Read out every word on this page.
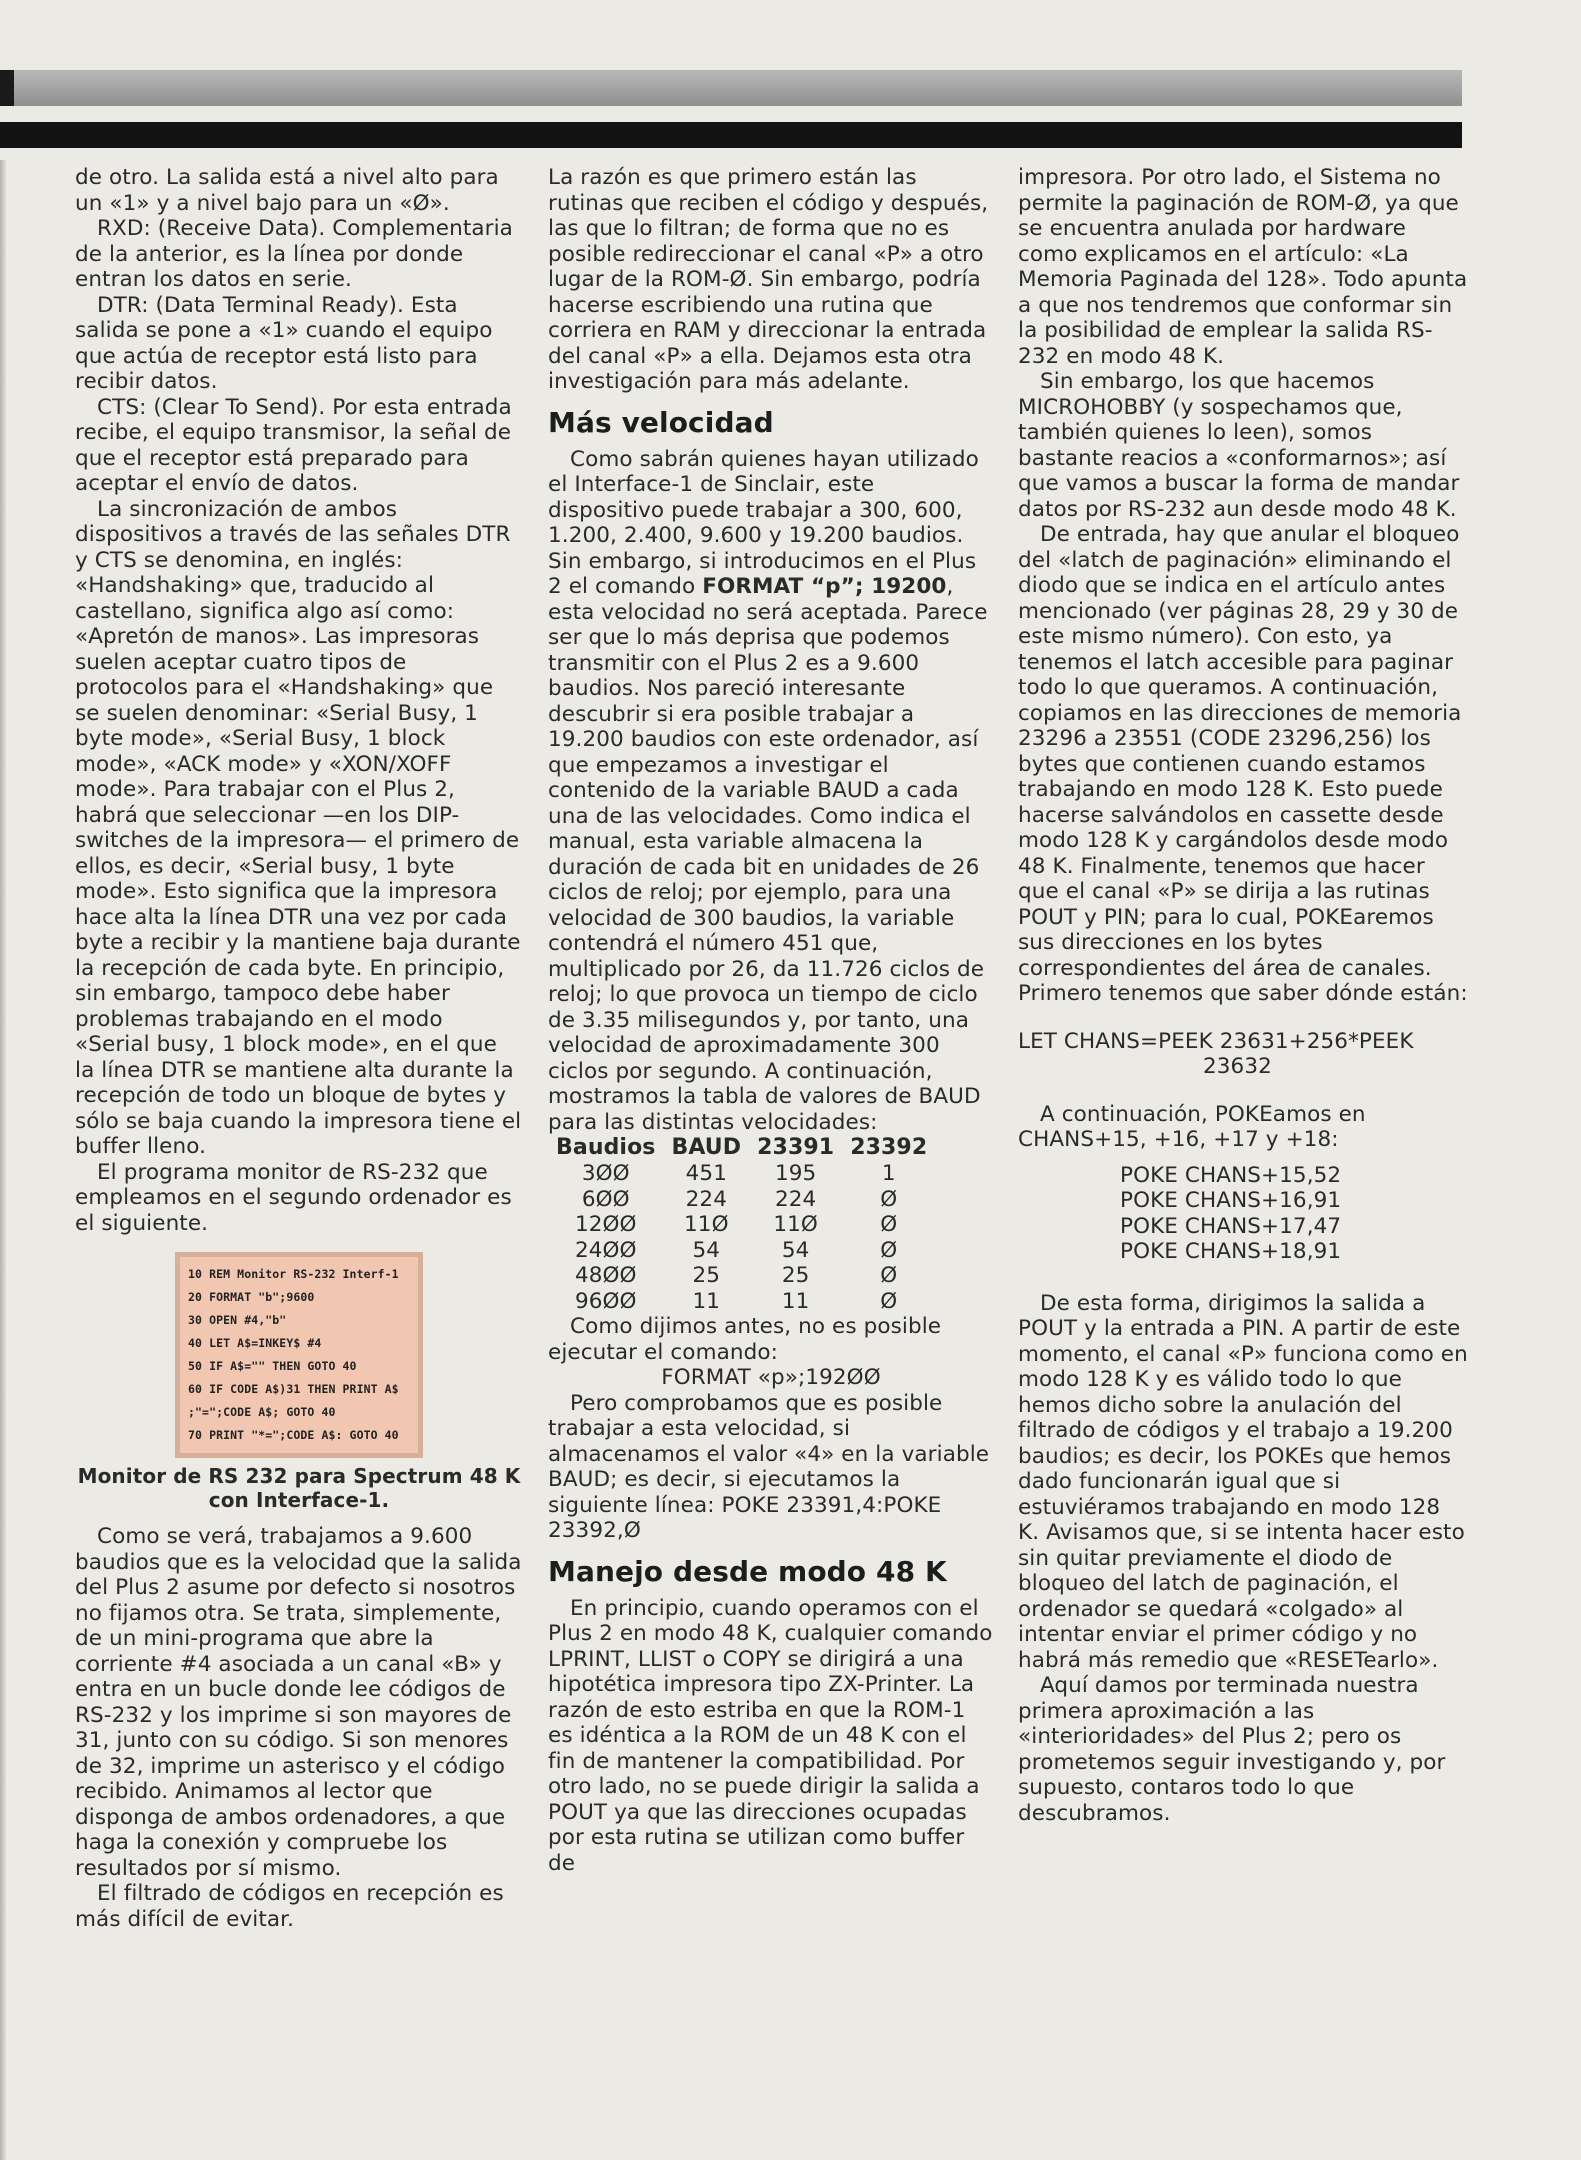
de otro. La salida está a nivel alto para un «1» y a nivel bajo para un «Ø».

RXD: (Receive Data). Complementaria de la anterior, es la línea por donde entran los datos en serie.

DTR: (Data Terminal Ready). Esta salida se pone a «1» cuando el equipo que actúa de receptor está listo para recibir datos.

CTS: (Clear To Send). Por esta entrada recibe, el equipo transmisor, la señal de que el receptor está preparado para aceptar el envío de datos.

La sincronización de ambos dispositivos a través de las señales DTR y CTS se denomina, en inglés: «Handshaking» que, traducido al castellano, significa algo así como: «Apretón de manos». Las impresoras suelen aceptar cuatro tipos de protocolos para el «Handshaking» que se suelen denominar: «Serial Busy, 1 byte mode», «Serial Busy, 1 block mode», «ACK mode» y «XON/XOFF mode». Para trabajar con el Plus 2, habrá que seleccionar —en los DIP-switches de la impresora— el primero de ellos, es decir, «Serial busy, 1 byte mode». Esto significa que la impresora hace alta la línea DTR una vez por cada byte a recibir y la mantiene baja durante la recepción de cada byte. En principio, sin embargo, tampoco debe haber problemas trabajando en el modo «Serial busy, 1 block mode», en el que la línea DTR se mantiene alta durante la recepción de todo un bloque de bytes y sólo se baja cuando la impresora tiene el buffer lleno.

El programa monitor de RS-232 que empleamos en el segundo ordenador es el siguiente.

10 REM Monitor RS-232 Interf-1
20 FORMAT "b";9600
30 OPEN #4,"b"
40 LET A$=INKEY$ #4
50 IF A$="" THEN GOTO 40
60 IF CODE A$)31 THEN PRINT A$
;"=";CODE A$; GOTO 40
70 PRINT "*=";CODE A$: GOTO 40
Monitor de RS 232 para Spectrum 48 K con Interface-1.

Como se verá, trabajamos a 9.600 baudios que es la velocidad que la salida del Plus 2 asume por defecto si nosotros no fijamos otra. Se trata, simplemente, de un mini-programa que abre la corriente #4 asociada a un canal «B» y entra en un bucle donde lee códigos de RS-232 y los imprime si son mayores de 31, junto con su código. Si son menores de 32, imprime un asterisco y el código recibido. Animamos al lector que disponga de ambos ordenadores, a que haga la conexión y compruebe los resultados por sí mismo.

El filtrado de códigos en recepción es más difícil de evitar.

La razón es que primero están las rutinas que reciben el código y después, las que lo filtran; de forma que no es posible redireccionar el canal «P» a otro lugar de la ROM-Ø. Sin embargo, podría hacerse escribiendo una rutina que corriera en RAM y direccionar la entrada del canal «P» a ella. Dejamos esta otra investigación para más adelante.

Más velocidad

Como sabrán quienes hayan utilizado el Interface-1 de Sinclair, este dispositivo puede trabajar a 300, 600, 1.200, 2.400, 9.600 y 19.200 baudios. Sin embargo, si introducimos en el Plus 2 el comando FORMAT “p”; 19200, esta velocidad no será aceptada. Parece ser que lo más deprisa que podemos transmitir con el Plus 2 es a 9.600 baudios. Nos pareció interesante descubrir si era posible trabajar a 19.200 baudios con este ordenador, así que empezamos a investigar el contenido de la variable BAUD a cada una de las velocidades. Como indica el manual, esta variable almacena la duración de cada bit en unidades de 26 ciclos de reloj; por ejemplo, para una velocidad de 300 baudios, la variable contendrá el número 451 que, multiplicado por 26, da 11.726 ciclos de reloj; lo que provoca un tiempo de ciclo de 3.35 milisegundos y, por tanto, una velocidad de aproximadamente 300 ciclos por segundo. A continuación, mostramos la tabla de valores de BAUD para las distintas velocidades:

Baudios	BAUD	23391	23392
3ØØ	451	195	1
6ØØ	224	224	Ø
12ØØ	11Ø	11Ø	Ø
24ØØ	54	54	Ø
48ØØ	25	25	Ø
96ØØ	11	11	Ø

Como dijimos antes, no es posible ejecutar el comando:

FORMAT «p»;192ØØ

Pero comprobamos que es posible trabajar a esta velocidad, si almacenamos el valor «4» en la variable BAUD; es decir, si ejecutamos la siguiente línea: POKE 23391,4:POKE 23392,Ø

Manejo desde modo 48 K

En principio, cuando operamos con el Plus 2 en modo 48 K, cualquier comando LPRINT, LLIST o COPY se dirigirá a una hipotética impresora tipo ZX-Printer. La razón de esto estriba en que la ROM-1 es idéntica a la ROM de un 48 K con el fin de mantener la compatibilidad. Por otro lado, no se puede dirigir la salida a POUT ya que las direcciones ocupadas por esta rutina se utilizan como buffer de

impresora. Por otro lado, el Sistema no permite la paginación de ROM-Ø, ya que se encuentra anulada por hardware como explicamos en el artículo: «La Memoria Paginada del 128». Todo apunta a que nos tendremos que conformar sin la posibilidad de emplear la salida RS-232 en modo 48 K.

Sin embargo, los que hacemos MICROHOBBY (y sospechamos que, también quienes lo leen), somos bastante reacios a «conformarnos»; así que vamos a buscar la forma de mandar datos por RS-232 aun desde modo 48 K.

De entrada, hay que anular el bloqueo del «latch de paginación» eliminando el diodo que se indica en el artículo antes mencionado (ver páginas 28, 29 y 30 de este mismo número). Con esto, ya tenemos el latch accesible para paginar todo lo que queramos. A continuación, copiamos en las direcciones de memoria 23296 a 23551 (CODE 23296,256) los bytes que contienen cuando estamos trabajando en modo 128 K. Esto puede hacerse salvándolos en cassette desde modo 128 K y cargándolos desde modo 48 K. Finalmente, tenemos que hacer que el canal «P» se dirija a las rutinas POUT y PIN; para lo cual, POKEaremos sus direcciones en los bytes correspondientes del área de canales. Primero tenemos que saber dónde están:

LET CHANS=PEEK 23631+256*PEEK

23632

A continuación, POKEamos en CHANS+15, +16, +17 y +18:

POKE CHANS+15,52
POKE CHANS+16,91
POKE CHANS+17,47
POKE CHANS+18,91

De esta forma, dirigimos la salida a POUT y la entrada a PIN. A partir de este momento, el canal «P» funciona como en modo 128 K y es válido todo lo que hemos dicho sobre la anulación del filtrado de códigos y el trabajo a 19.200 baudios; es decir, los POKEs que hemos dado funcionarán igual que si estuviéramos trabajando en modo 128 K. Avisamos que, si se intenta hacer esto sin quitar previamente el diodo de bloqueo del latch de paginación, el ordenador se quedará «colgado» al intentar enviar el primer código y no habrá más remedio que «RESETearlo».

Aquí damos por terminada nuestra primera aproximación a las «interioridades» del Plus 2; pero os prometemos seguir investigando y, por supuesto, contaros todo lo que descubramos.
